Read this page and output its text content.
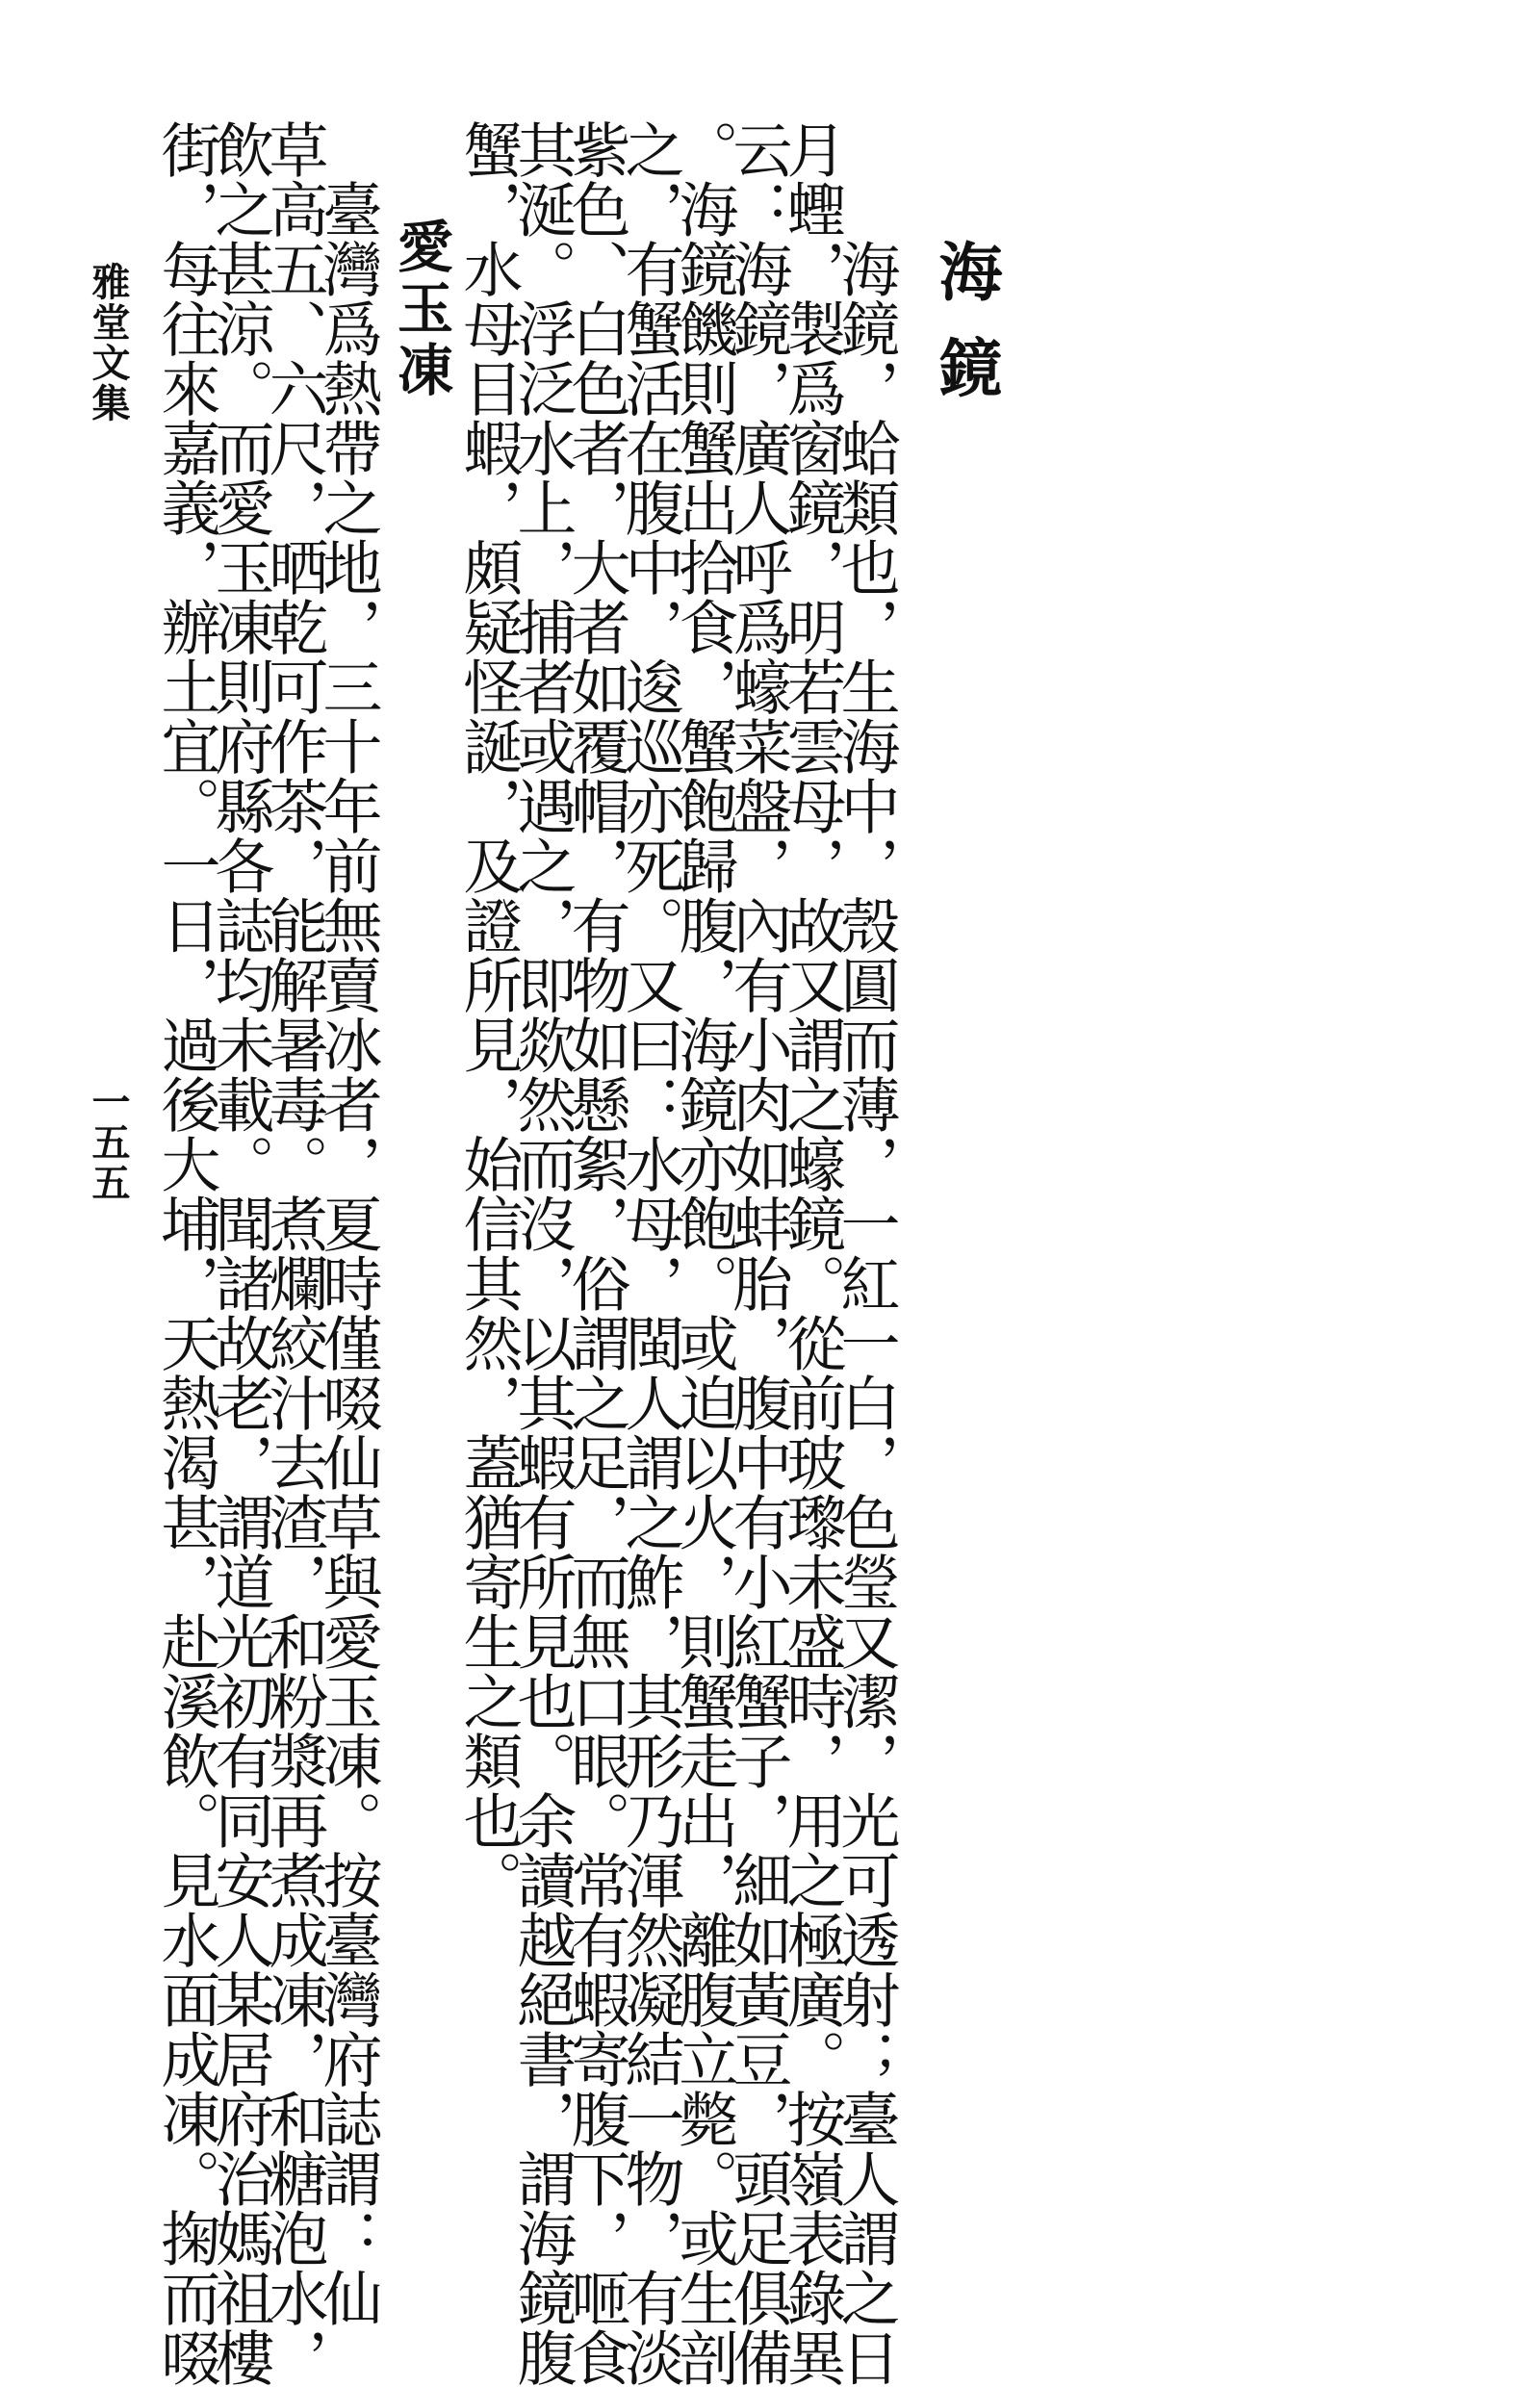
海鏡
　海鏡，蛤類也，生海中，殼圓而薄，一紅一白，色瑩又潔，光可透射；臺人謂之日
月蟶，製爲窗鏡，明若雲母，故又謂之蠔鏡。從前玻瓈未盛時，用之極廣。按嶺表錄異
云：海鏡，廣人呼爲蠔菜盤，內有小肉如蚌胎，腹中有小紅蟹子，細如黃豆，頭足俱備
。海鏡饑則蟹出拾食，蟹飽歸腹，海鏡亦飽。或迫以火，則蟹走出，離腹立斃。或生剖
之，有蟹活在腹中，逡巡亦死。又曰：水母，閩人謂之鮓，其形乃渾然凝結一物，有淡
紫色、白色者，大者如覆帽，有物如懸絮，俗謂之足，而無口眼。常有蝦寄腹下，咂食
其涎。浮泛水上，捕者或遇之，即欻然而沒，以其蝦有所見也。余讀越絕書，謂海鏡腹
蟹，水母目蝦，頗疑怪誕，及證所見，始信其然，蓋猶寄生之類也。
愛玉凍
　臺灣爲熱帶之地，三十年前無賣冰者，夏時僅啜仙草與愛玉凍。按臺灣府誌謂：仙
草高五、六尺，晒乾可作茶，能解暑毒。煮爛絞汁去渣，和粉漿再煮成凍，和糖泡水，
飲之甚涼。而愛玉凍則府縣各誌均未載。聞諸故老，謂道光初有同安人某居府治媽祖樓
街，每往來嘉義，辦土宜。一日，過後大埔，天熱渴甚，赴溪飲。見水面成凍。掬而啜
雅堂文集
一五五
